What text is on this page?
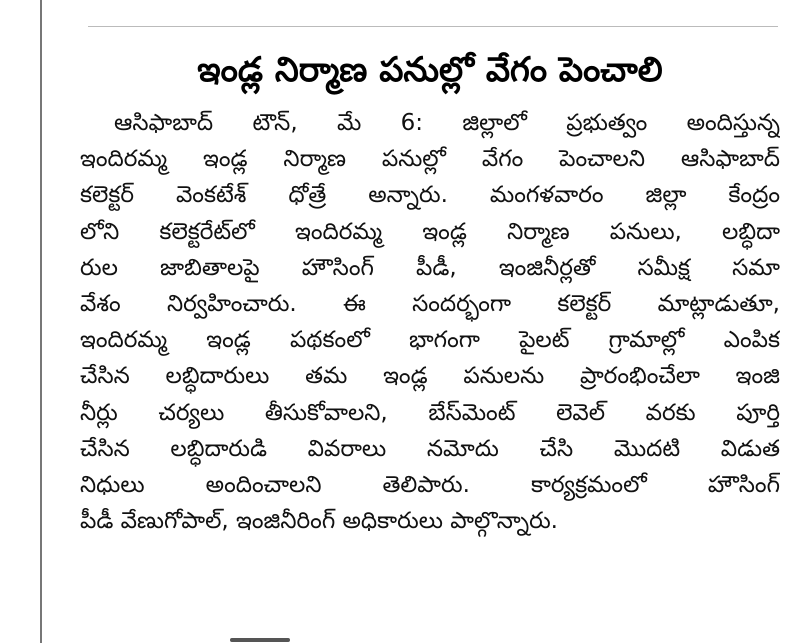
ఇండ్ల నిర్మాణ పనుల్లో వేగం పెంచాలి
ఆసిఫాబాద్ టౌన్, మే 6: జిల్లాలో ప్రభుత్వం అందిస్తున్న
ఇందిరమ్మ ఇండ్ల నిర్మాణ పనుల్లో వేగం పెంచాలని ఆసిఫాబాద్
కలెక్టర్ వెంకటేశ్ ధోత్రే అన్నారు. మంగళవారం జిల్లా కేంద్రం
లోని కలెక్టరేట్‌లో ఇందిరమ్మ ఇండ్ల నిర్మాణ పనులు, లబ్ధిదా
రుల జాబితాలపై హౌసింగ్ పీడీ, ఇంజినీర్లతో సమీక్ష సమా
వేశం నిర్వహించారు. ఈ సందర్భంగా కలెక్టర్ మాట్లాడుతూ,
ఇందిరమ్మ ఇండ్ల పథకంలో భాగంగా పైలట్ గ్రామాల్లో ఎంపిక
చేసిన లబ్ధిదారులు తమ ఇండ్ల పనులను ప్రారంభించేలా ఇంజి
నీర్లు చర్యలు తీసుకోవాలని, బేస్‌మెంట్ లెవెల్ వరకు పూర్తి
చేసిన లబ్ధిదారుడి వివరాలు నమోదు చేసి మొదటి విడుత
నిధులు అందించాలని తెలిపారు. కార్యక్రమంలో హౌసింగ్
పీడీ వేణుగోపాల్, ఇంజినీరింగ్ అధికారులు పాల్గొన్నారు.
